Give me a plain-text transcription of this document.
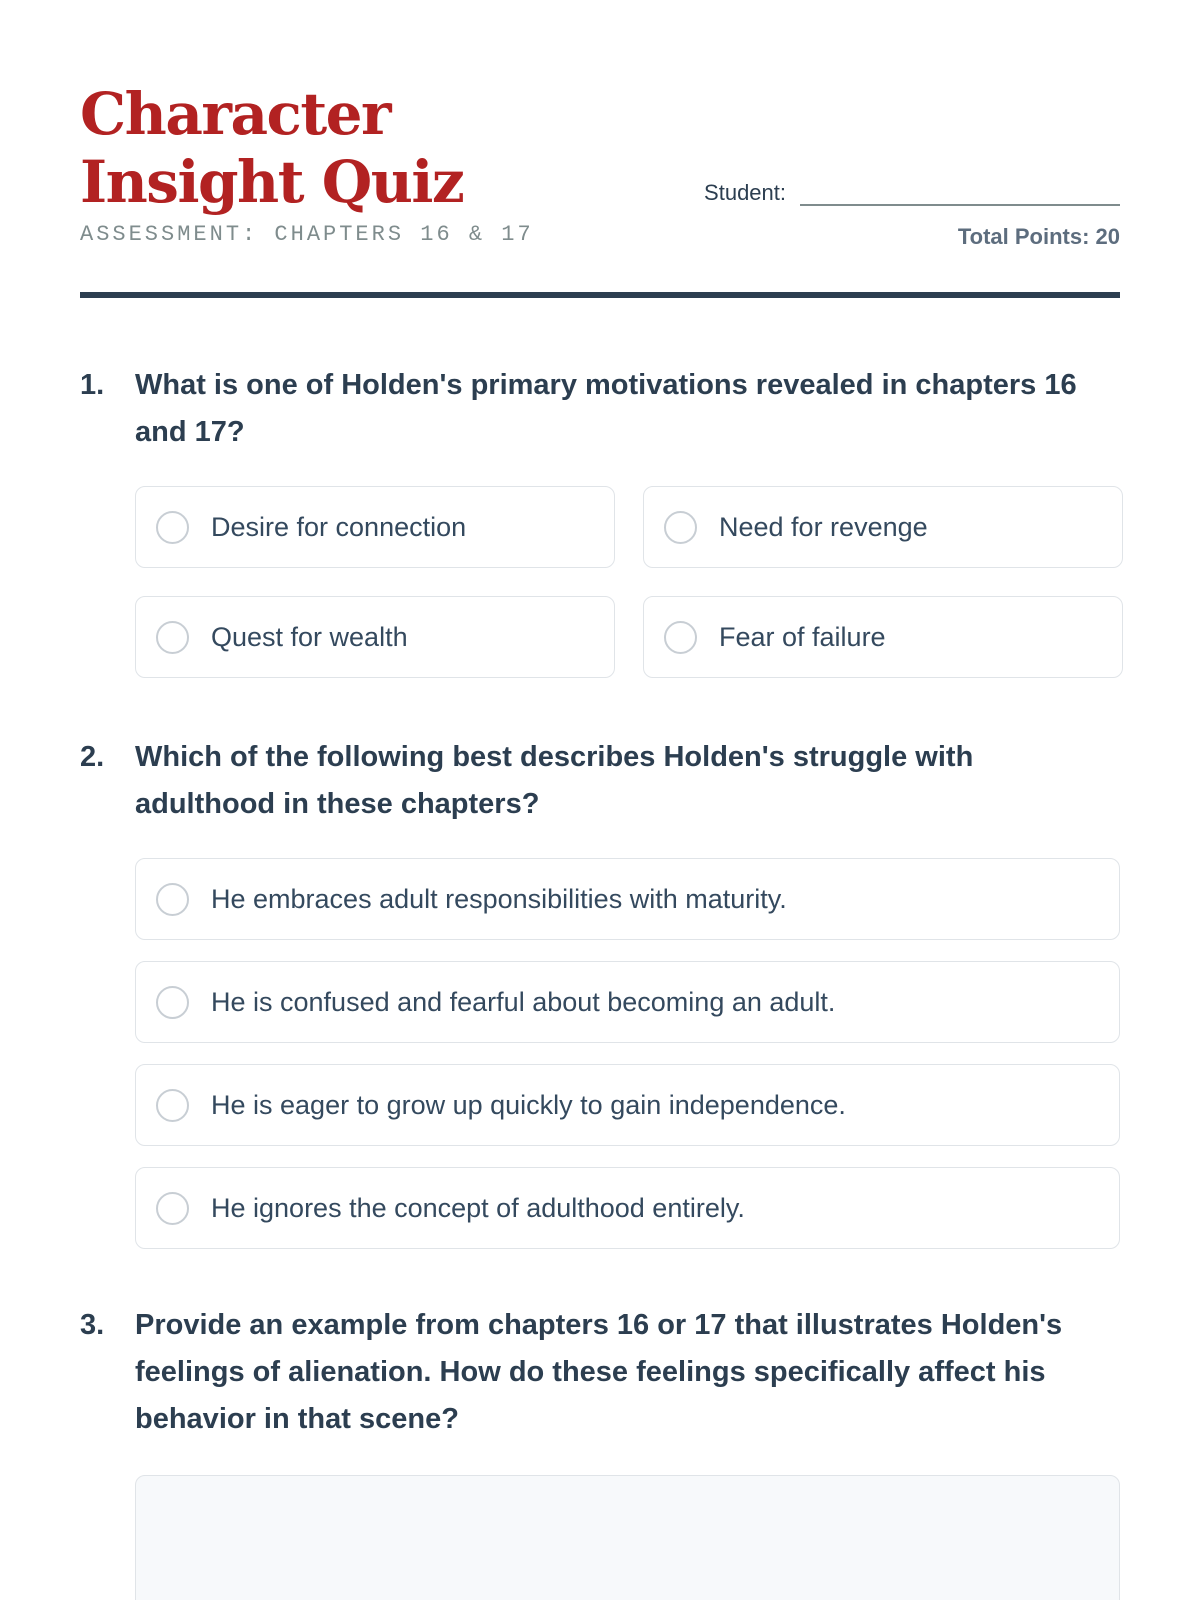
Character Insight Quiz
ASSESSMENT: CHAPTERS 16 & 17
Student:
Total Points: 20
1.	What is one of Holden's primary motivations revealed in chapters 16 and 17?
Desire for connection	Need for revenge
Quest for wealth	Fear of failure
2.	Which of the following best describes Holden's struggle with adulthood in these chapters?
He embraces adult responsibilities with maturity.
He is confused and fearful about becoming an adult.
He is eager to grow up quickly to gain independence.
He ignores the concept of adulthood entirely.
3.	Provide an example from chapters 16 or 17 that illustrates Holden's feelings of alienation. How do these feelings specifically affect his behavior in that scene?
